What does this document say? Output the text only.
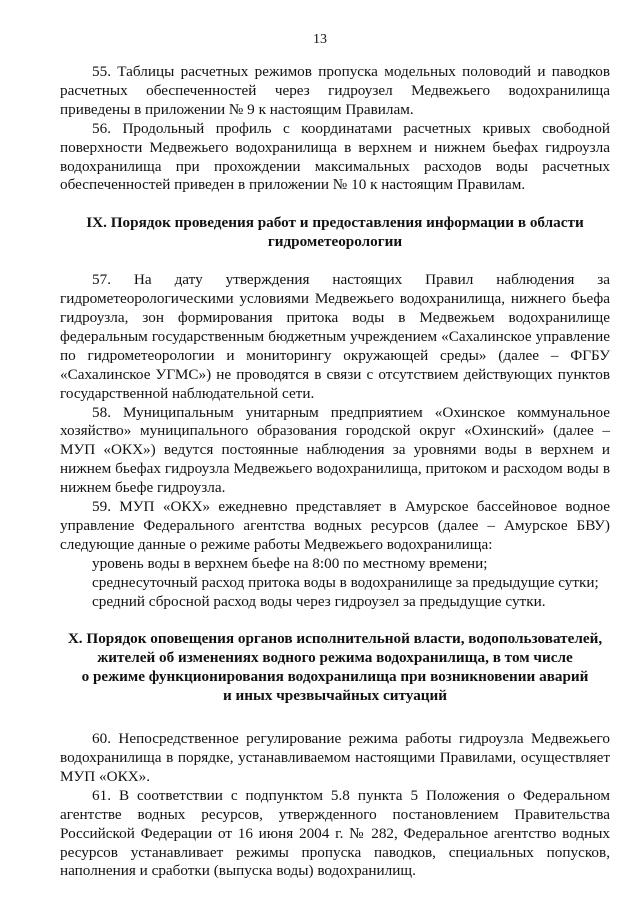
13

55. Таблицы расчетных режимов пропуска модельных половодий и паводков расчетных обеспеченностей через гидроузел Медвежьего водохранилища приведены в приложении № 9 к настоящим Правилам.

56. Продольный профиль с координатами расчетных кривых свободной поверхности Медвежьего водохранилища в верхнем и нижнем бьефах гидроузла водохранилища при прохождении максимальных расходов воды расчетных обеспеченностей приведен в приложении № 10 к настоящим Правилам.

IX. Порядок проведения работ и предоставления информации в области гидрометеорологии

57. На дату утверждения настоящих Правил наблюдения за гидрометеорологическими условиями Медвежьего водохранилища, нижнего бьефа гидроузла, зон формирования притока воды в Медвежьем водохранилище федеральным государственным бюджетным учреждением «Сахалинское управление по гидрометеорологии и мониторингу окружающей среды» (далее – ФГБУ «Сахалинское УГМС») не проводятся в связи с отсутствием действующих пунктов государственной наблюдательной сети.

58. Муниципальным унитарным предприятием «Охинское коммунальное хозяйство» муниципального образования городской округ «Охинский» (далее – МУП «ОКХ») ведутся постоянные наблюдения за уровнями воды в верхнем и нижнем бьефах гидроузла Медвежьего водохранилища, притоком и расходом воды в нижнем бьефе гидроузла.

59. МУП «ОКХ» ежедневно представляет в Амурское бассейновое водное управление Федерального агентства водных ресурсов (далее – Амурское БВУ) следующие данные о режиме работы Медвежьего водохранилища:

уровень воды в верхнем бьефе на 8:00 по местному времени;

среднесуточный расход притока воды в водохранилище за предыдущие сутки;

средний сбросной расход воды через гидроузел за предыдущие сутки.

X. Порядок оповещения органов исполнительной власти, водопользователей,
жителей об изменениях водного режима водохранилища, в том числе
о режиме функционирования водохранилища при возникновении аварий
и иных чрезвычайных ситуаций

60. Непосредственное регулирование режима работы гидроузла Медвежьего водохранилища в порядке, устанавливаемом настоящими Правилами, осуществляет МУП «ОКХ».

61. В соответствии с подпунктом 5.8 пункта 5 Положения о Федеральном агентстве водных ресурсов, утвержденного постановлением Правительства Российской Федерации от 16 июня 2004 г. № 282, Федеральное агентство водных ресурсов устанавливает режимы пропуска паводков, специальных попусков, наполнения и сработки (выпуска воды) водохранилищ.
